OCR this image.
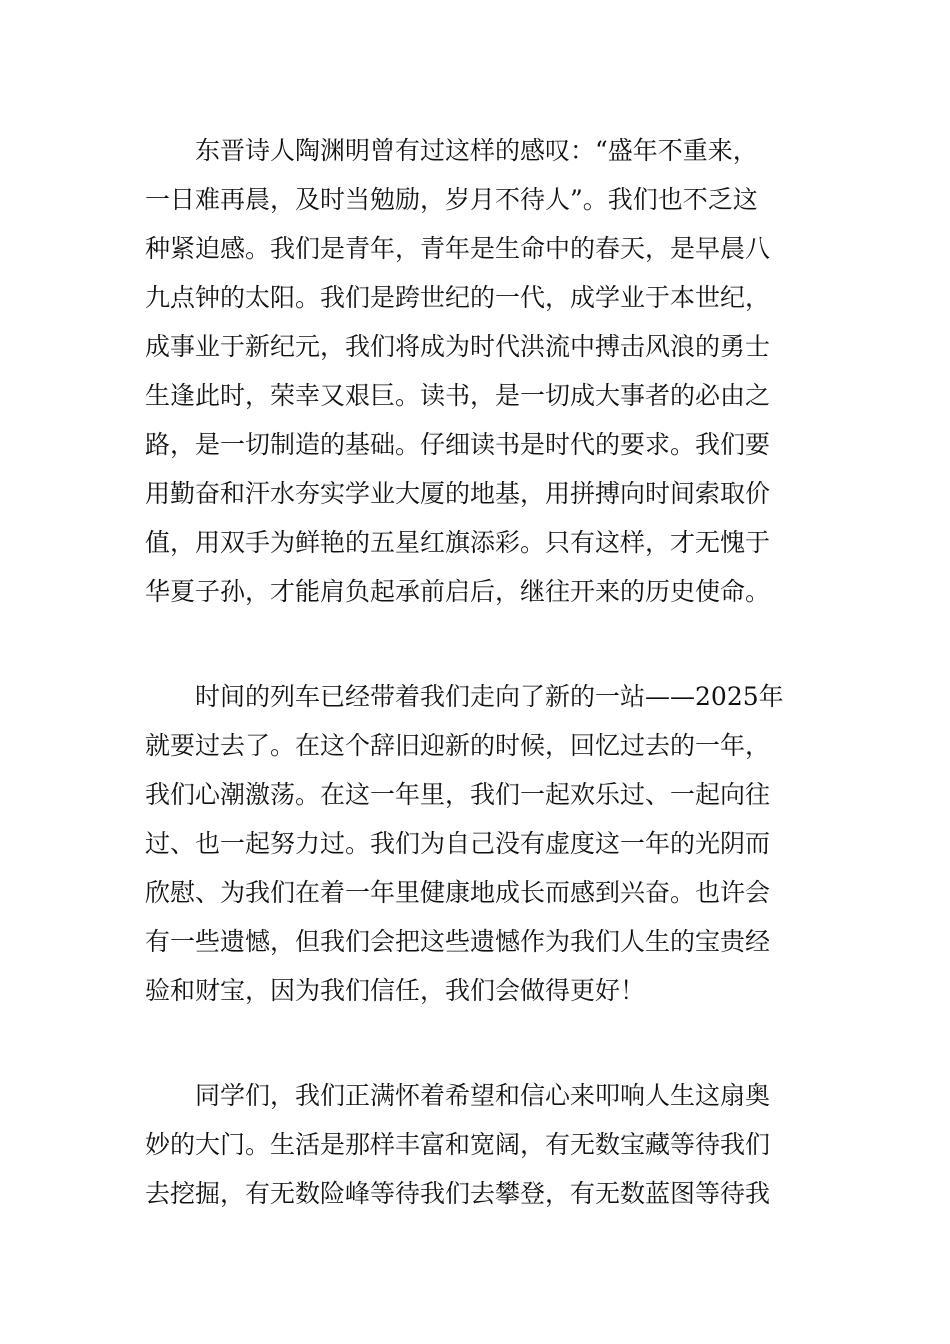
东晋诗人陶渊明曾有过这样的感叹：“盛年不重来，
一日难再晨，及时当勉励，岁月不待人”。我们也不乏这
种紧迫感。我们是青年，青年是生命中的春天，是早晨八
九点钟的太阳。我们是跨世纪的一代，成学业于本世纪，
成事业于新纪元，我们将成为时代洪流中搏击风浪的勇士
生逢此时，荣幸又艰巨。读书，是一切成大事者的必由之
路，是一切制造的基础。仔细读书是时代的要求。我们要
用勤奋和汗水夯实学业大厦的地基，用拼搏向时间索取价
值，用双手为鲜艳的五星红旗添彩。只有这样，才无愧于
华夏子孙，才能肩负起承前启后，继往开来的历史使命。
时间的列车已经带着我们走向了新的一站——2025年
就要过去了。在这个辞旧迎新的时候，回忆过去的一年，
我们心潮激荡。在这一年里，我们一起欢乐过、一起向往
过、也一起努力过。我们为自己没有虚度这一年的光阴而
欣慰、为我们在着一年里健康地成长而感到兴奋。也许会
有一些遗憾，但我们会把这些遗憾作为我们人生的宝贵经
验和财宝，因为我们信任，我们会做得更好！
同学们，我们正满怀着希望和信心来叩响人生这扇奥
妙的大门。生活是那样丰富和宽阔，有无数宝藏等待我们
去挖掘，有无数险峰等待我们去攀登，有无数蓝图等待我
